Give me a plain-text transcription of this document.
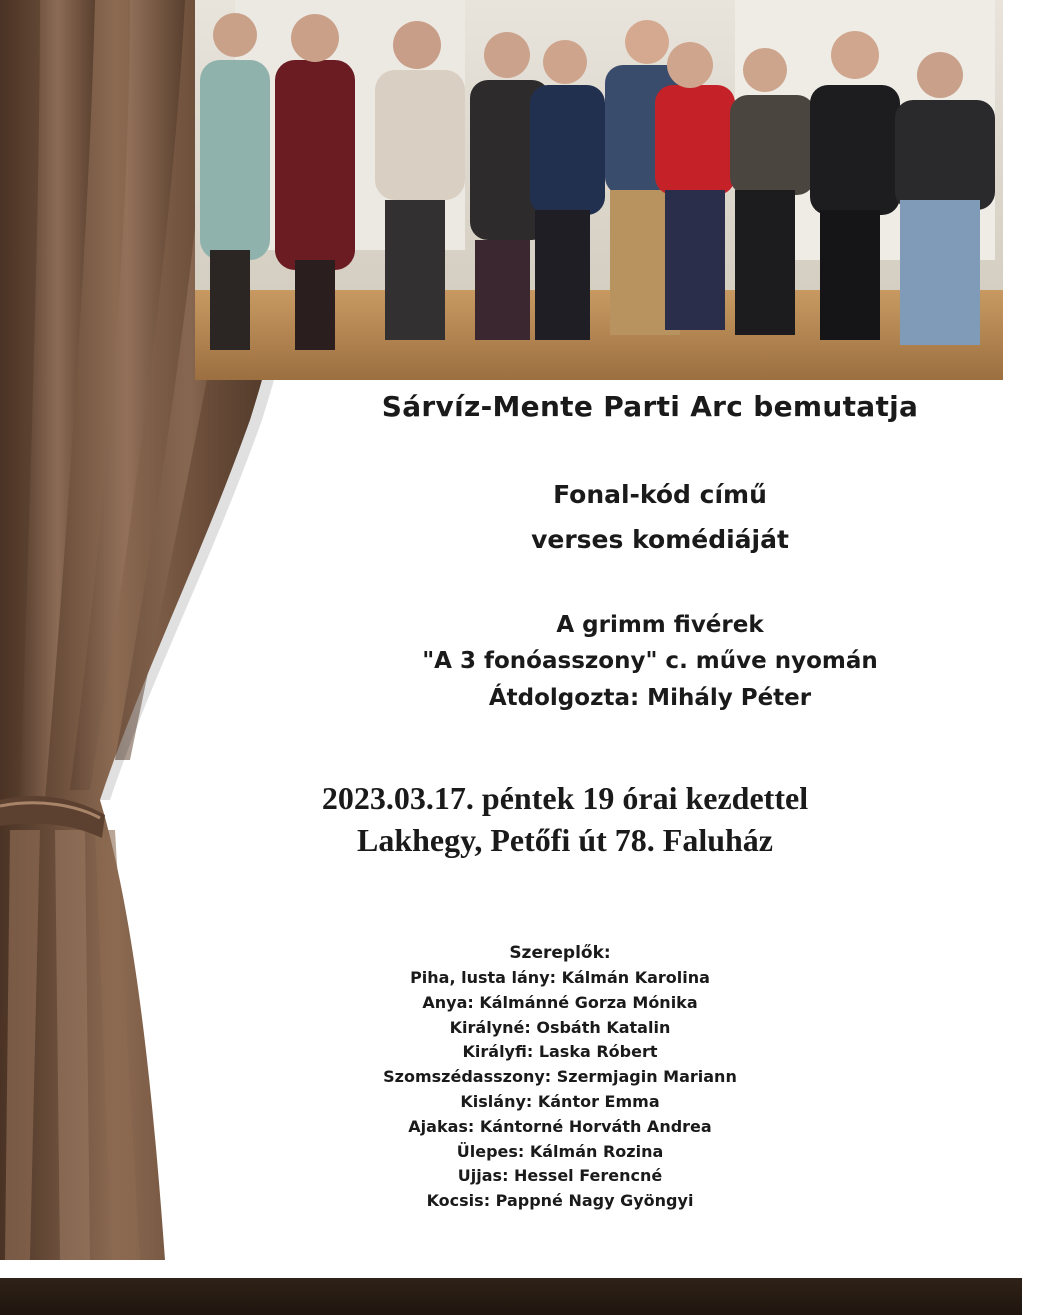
Sárvíz-Mente Parti Arc bemutatja
Fonal-kód című
verses komédiáját
A grimm fivérek
"A 3 fonóasszony" c. műve nyomán
Átdolgozta: Mihály Péter
2023.03.17. péntek 19 órai kezdettel
Lakhegy, Petőfi út 78. Faluház
Szereplők:
Piha, lusta lány: Kálmán Karolina
Anya: Kálmánné Gorza Mónika
Királyné: Osbáth Katalin
Királyfi: Laska Róbert
Szomszédasszony: Szermjagin Mariann
Kislány: Kántor Emma
Ajakas: Kántorné Horváth Andrea
Ülepes: Kálmán Rozina
Ujjas: Hessel Ferencné
Kocsis: Pappné Nagy Gyöngyi
